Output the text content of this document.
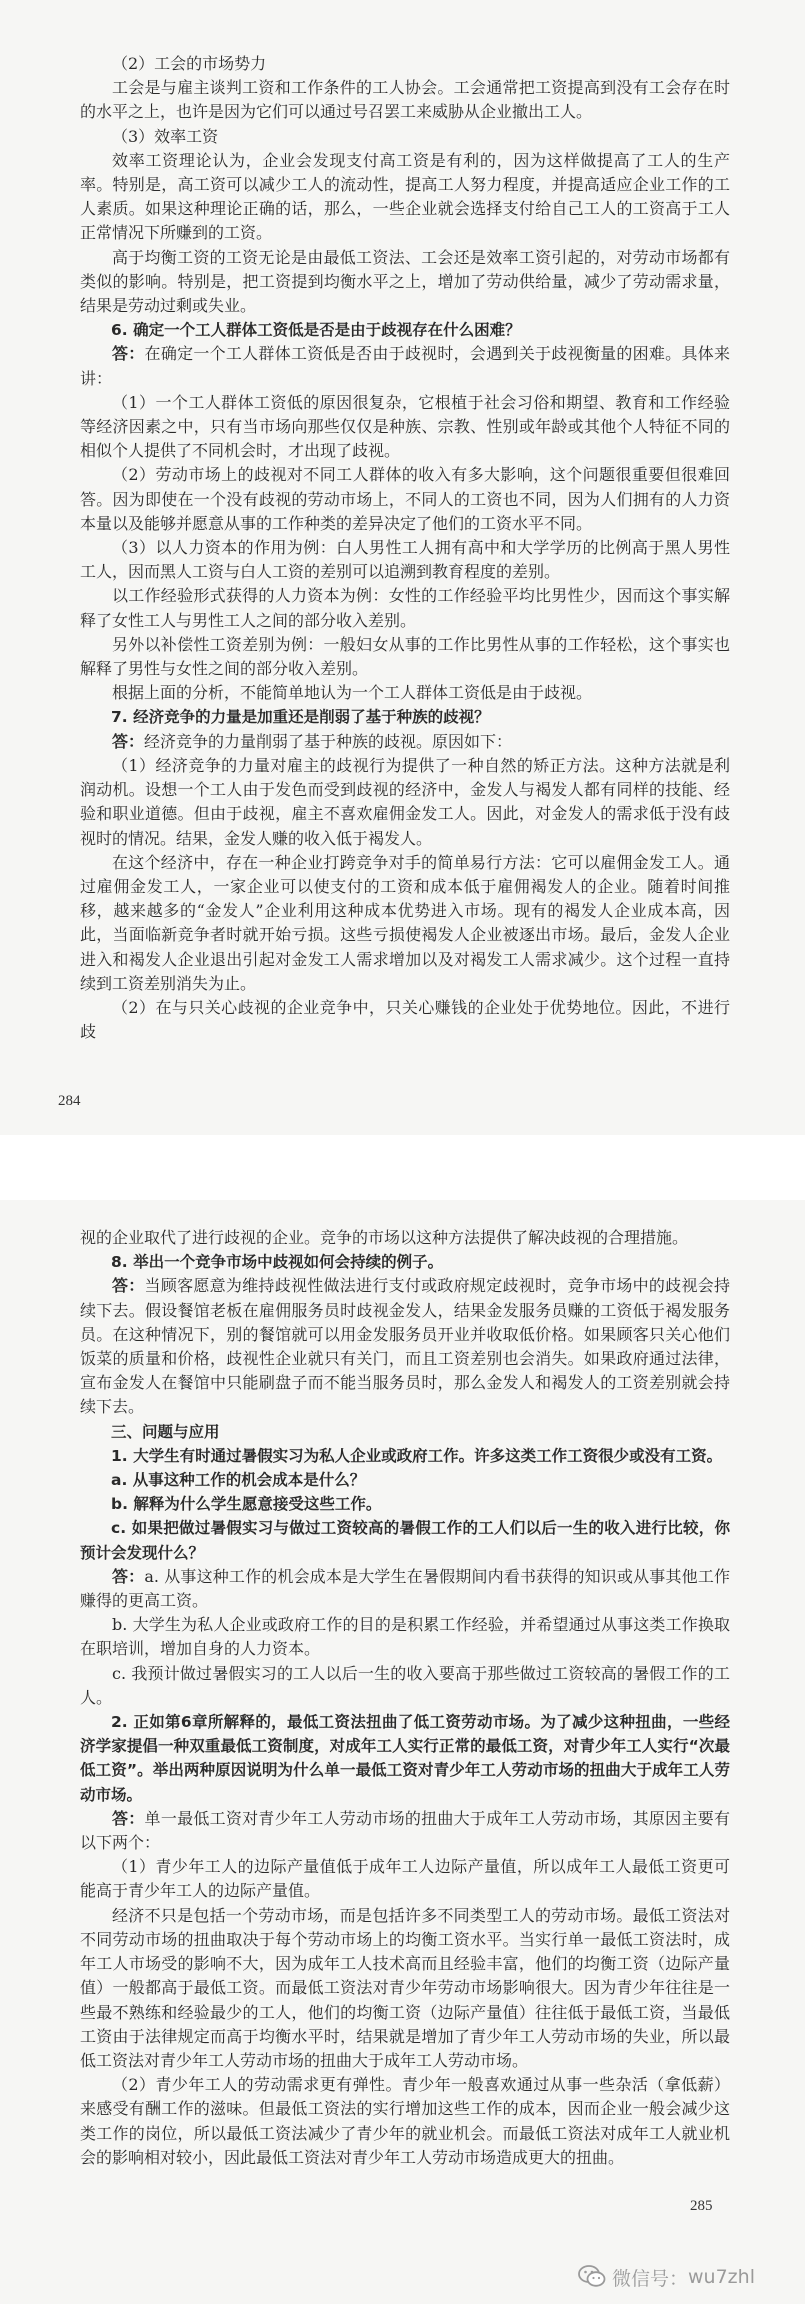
（2）工会的市场势力

工会是与雇主谈判工资和工作条件的工人协会。工会通常把工资提高到没有工会存在时的水平之上，也许是因为它们可以通过号召罢工来威胁从企业撤出工人。

（3）效率工资

效率工资理论认为，企业会发现支付高工资是有利的，因为这样做提高了工人的生产率。特别是，高工资可以减少工人的流动性，提高工人努力程度，并提高适应企业工作的工人素质。如果这种理论正确的话，那么，一些企业就会选择支付给自己工人的工资高于工人正常情况下所赚到的工资。

高于均衡工资的工资无论是由最低工资法、工会还是效率工资引起的，对劳动市场都有类似的影响。特别是，把工资提到均衡水平之上，增加了劳动供给量，减少了劳动需求量，结果是劳动过剩或失业。

6. 确定一个工人群体工资低是否是由于歧视存在什么困难？

答：在确定一个工人群体工资低是否由于歧视时，会遇到关于歧视衡量的困难。具体来讲：

（1）一个工人群体工资低的原因很复杂，它根植于社会习俗和期望、教育和工作经验等经济因素之中，只有当市场向那些仅仅是种族、宗教、性别或年龄或其他个人特征不同的相似个人提供了不同机会时，才出现了歧视。

（2）劳动市场上的歧视对不同工人群体的收入有多大影响，这个问题很重要但很难回答。因为即使在一个没有歧视的劳动市场上，不同人的工资也不同，因为人们拥有的人力资本量以及能够并愿意从事的工作种类的差异决定了他们的工资水平不同。

（3）以人力资本的作用为例：白人男性工人拥有高中和大学学历的比例高于黑人男性工人，因而黑人工资与白人工资的差别可以追溯到教育程度的差别。

以工作经验形式获得的人力资本为例：女性的工作经验平均比男性少，因而这个事实解释了女性工人与男性工人之间的部分收入差别。

另外以补偿性工资差别为例：一般妇女从事的工作比男性从事的工作轻松，这个事实也解释了男性与女性之间的部分收入差别。

根据上面的分析，不能简单地认为一个工人群体工资低是由于歧视。

7. 经济竞争的力量是加重还是削弱了基于种族的歧视？

答：经济竞争的力量削弱了基于种族的歧视。原因如下：

（1）经济竞争的力量对雇主的歧视行为提供了一种自然的矫正方法。这种方法就是利润动机。设想一个工人由于发色而受到歧视的经济中，金发人与褐发人都有同样的技能、经验和职业道德。但由于歧视，雇主不喜欢雇佣金发工人。因此，对金发人的需求低于没有歧视时的情况。结果，金发人赚的收入低于褐发人。

在这个经济中，存在一种企业打跨竞争对手的简单易行方法：它可以雇佣金发工人。通过雇佣金发工人，一家企业可以使支付的工资和成本低于雇佣褐发人的企业。随着时间推移，越来越多的“金发人”企业利用这种成本优势进入市场。现有的褐发人企业成本高，因此，当面临新竞争者时就开始亏损。这些亏损使褐发人企业被逐出市场。最后，金发人企业进入和褐发人企业退出引起对金发工人需求增加以及对褐发工人需求减少。这个过程一直持续到工资差别消失为止。

（2）在与只关心歧视的企业竞争中，只关心赚钱的企业处于优势地位。因此，不进行歧

284

视的企业取代了进行歧视的企业。竞争的市场以这种方法提供了解决歧视的合理措施。

8. 举出一个竞争市场中歧视如何会持续的例子。

答：当顾客愿意为维持歧视性做法进行支付或政府规定歧视时，竞争市场中的歧视会持续下去。假设餐馆老板在雇佣服务员时歧视金发人，结果金发服务员赚的工资低于褐发服务员。在这种情况下，别的餐馆就可以用金发服务员开业并收取低价格。如果顾客只关心他们饭菜的质量和价格，歧视性企业就只有关门，而且工资差别也会消失。如果政府通过法律，宣布金发人在餐馆中只能刷盘子而不能当服务员时，那么金发人和褐发人的工资差别就会持续下去。

三、问题与应用

1. 大学生有时通过暑假实习为私人企业或政府工作。许多这类工作工资很少或没有工资。

a. 从事这种工作的机会成本是什么？

b. 解释为什么学生愿意接受这些工作。

c. 如果把做过暑假实习与做过工资较高的暑假工作的工人们以后一生的收入进行比较，你预计会发现什么？

答：a. 从事这种工作的机会成本是大学生在暑假期间内看书获得的知识或从事其他工作赚得的更高工资。

b. 大学生为私人企业或政府工作的目的是积累工作经验，并希望通过从事这类工作换取在职培训，增加自身的人力资本。

c. 我预计做过暑假实习的工人以后一生的收入要高于那些做过工资较高的暑假工作的工人。

2. 正如第6章所解释的，最低工资法扭曲了低工资劳动市场。为了减少这种扭曲，一些经济学家提倡一种双重最低工资制度，对成年工人实行正常的最低工资，对青少年工人实行“次最低工资”。举出两种原因说明为什么单一最低工资对青少年工人劳动市场的扭曲大于成年工人劳动市场。

答：单一最低工资对青少年工人劳动市场的扭曲大于成年工人劳动市场，其原因主要有以下两个：

（1）青少年工人的边际产量值低于成年工人边际产量值，所以成年工人最低工资更可能高于青少年工人的边际产量值。

经济不只是包括一个劳动市场，而是包括许多不同类型工人的劳动市场。最低工资法对不同劳动市场的扭曲取决于每个劳动市场上的均衡工资水平。当实行单一最低工资法时，成年工人市场受的影响不大，因为成年工人技术高而且经验丰富，他们的均衡工资（边际产量值）一般都高于最低工资。而最低工资法对青少年劳动市场影响很大。因为青少年往往是一些最不熟练和经验最少的工人，他们的均衡工资（边际产量值）往往低于最低工资，当最低工资由于法律规定而高于均衡水平时，结果就是增加了青少年工人劳动市场的失业，所以最低工资法对青少年工人劳动市场的扭曲大于成年工人劳动市场。

（2）青少年工人的劳动需求更有弹性。青少年一般喜欢通过从事一些杂活（拿低薪）来感受有酬工作的滋味。但最低工资法的实行增加这些工作的成本，因而企业一般会减少这类工作的岗位，所以最低工资法减少了青少年的就业机会。而最低工资法对成年工人就业机会的影响相对较小，因此最低工资法对青少年工人劳动市场造成更大的扭曲。

285
微信号： wu7zhl
